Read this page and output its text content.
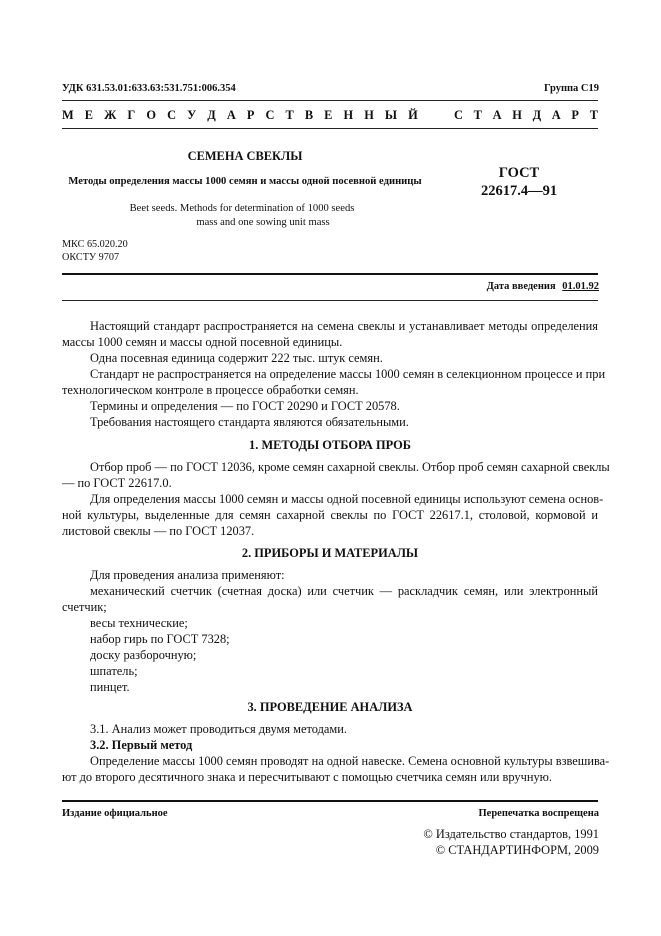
УДК 631.53.01:633.63:531.751:006.354	Группа С19
М Е Ж Г О С У Д А Р С Т В Е Н Н Ы Й	С Т А Н Д А Р Т
СЕМЕНА СВЕКЛЫ
Методы определения массы 1000 семян и массы одной посевной единицы
ГОСТ
22617.4—91
Beet seeds. Methods for determination of 1000 seeds
mass and one sowing unit mass
МКС 65.020.20
ОКСТУ 9707
Дата введения 01.01.92
Настоящий стандарт распространяется на семена свеклы и устанавливает методы определения
массы 1000 семян и массы одной посевной единицы.
Одна посевная единица содержит 222 тыс. штук семян.
Стандарт не распространяется на определение массы 1000 семян в селекционном процессе и при
технологическом контроле в процессе обработки семян.
Термины и определения — по ГОСТ 20290 и ГОСТ 20578.
Требования настоящего стандарта являются обязательными.
1. МЕТОДЫ ОТБОРА ПРОБ
Отбор проб — по ГОСТ 12036, кроме семян сахарной свеклы. Отбор проб семян сахарной свеклы
— по ГОСТ 22617.0.
Для определения массы 1000 семян и массы одной посевной единицы используют семена основ-
ной культуры, выделенные для семян сахарной свеклы по ГОСТ 22617.1, столовой, кормовой и
листовой свеклы — по ГОСТ 12037.
2. ПРИБОРЫ И МАТЕРИАЛЫ
Для проведения анализа применяют:
механический счетчик (счетная доска) или счетчик — раскладчик семян, или электронный
счетчик;
весы технические;
набор гирь по ГОСТ 7328;
доску разборочную;
шпатель;
пинцет.
3. ПРОВЕДЕНИЕ АНАЛИЗА
3.1. Анализ может проводиться двумя методами.
3.2. Первый метод
Определение массы 1000 семян проводят на одной навеске. Семена основной культуры взвешива-
ют до второго десятичного знака и пересчитывают с помощью счетчика семян или вручную.
Издание официальное	Перепечатка воспрещена
© Издательство стандартов, 1991
© СТАНДАРТИНФОРМ, 2009
